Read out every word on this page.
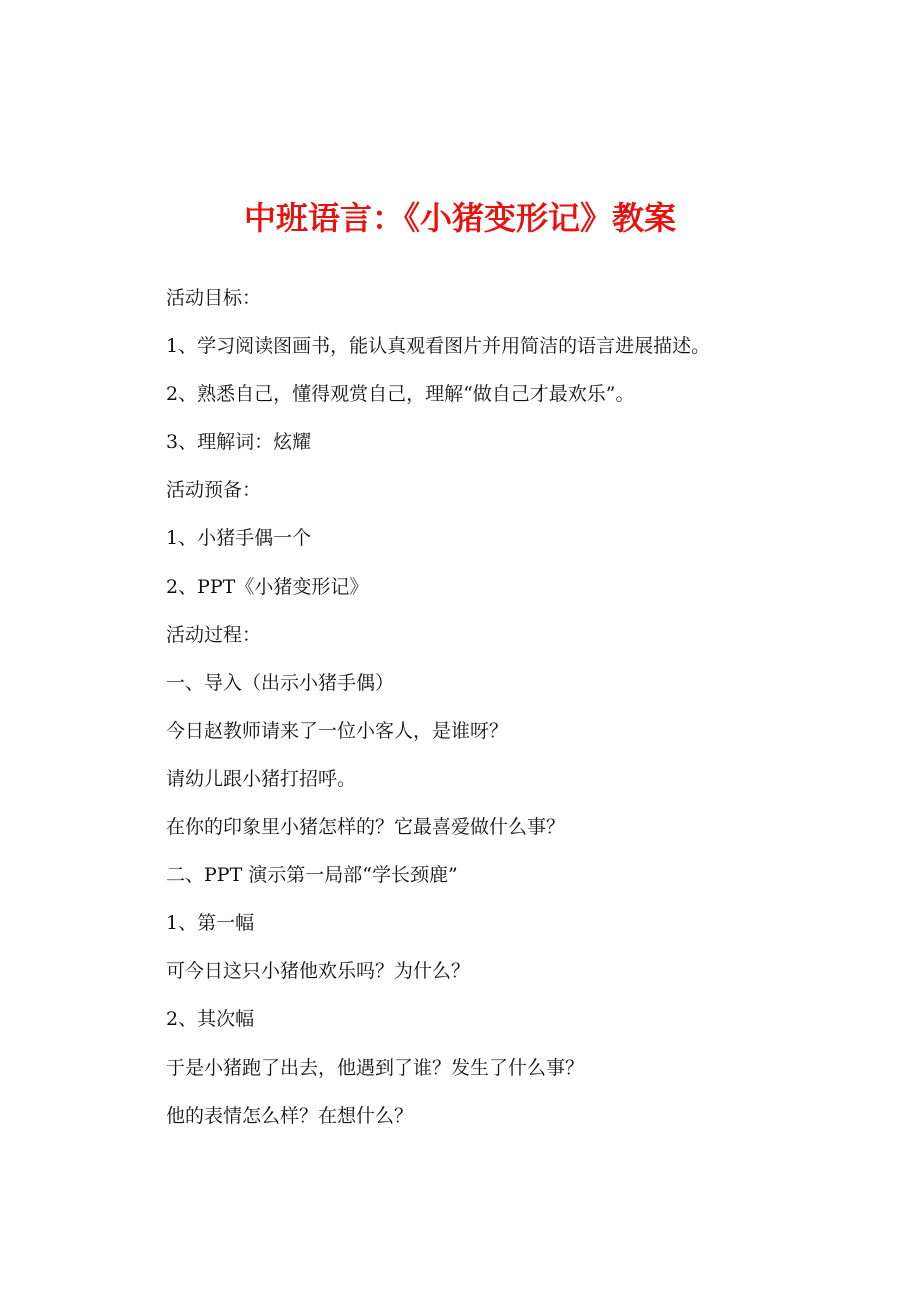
中班语言：《小猪变形记》教案
活动目标：
1、学习阅读图画书，能认真观看图片并用简洁的语言进展描述。
2、熟悉自己，懂得观赏自己，理解“做自己才最欢乐”。
3、理解词：炫耀
活动预备：
1、小猪手偶一个
2、PPT《小猪变形记》
活动过程：
一、导入（出示小猪手偶）
今日赵教师请来了一位小客人，是谁呀？
请幼儿跟小猪打招呼。
在你的印象里小猪怎样的？它最喜爱做什么事？
二、PPT 演示第一局部“学长颈鹿”
1、第一幅
可今日这只小猪他欢乐吗？为什么？
2、其次幅
于是小猪跑了出去，他遇到了谁？发生了什么事？
他的表情怎么样？在想什么？
